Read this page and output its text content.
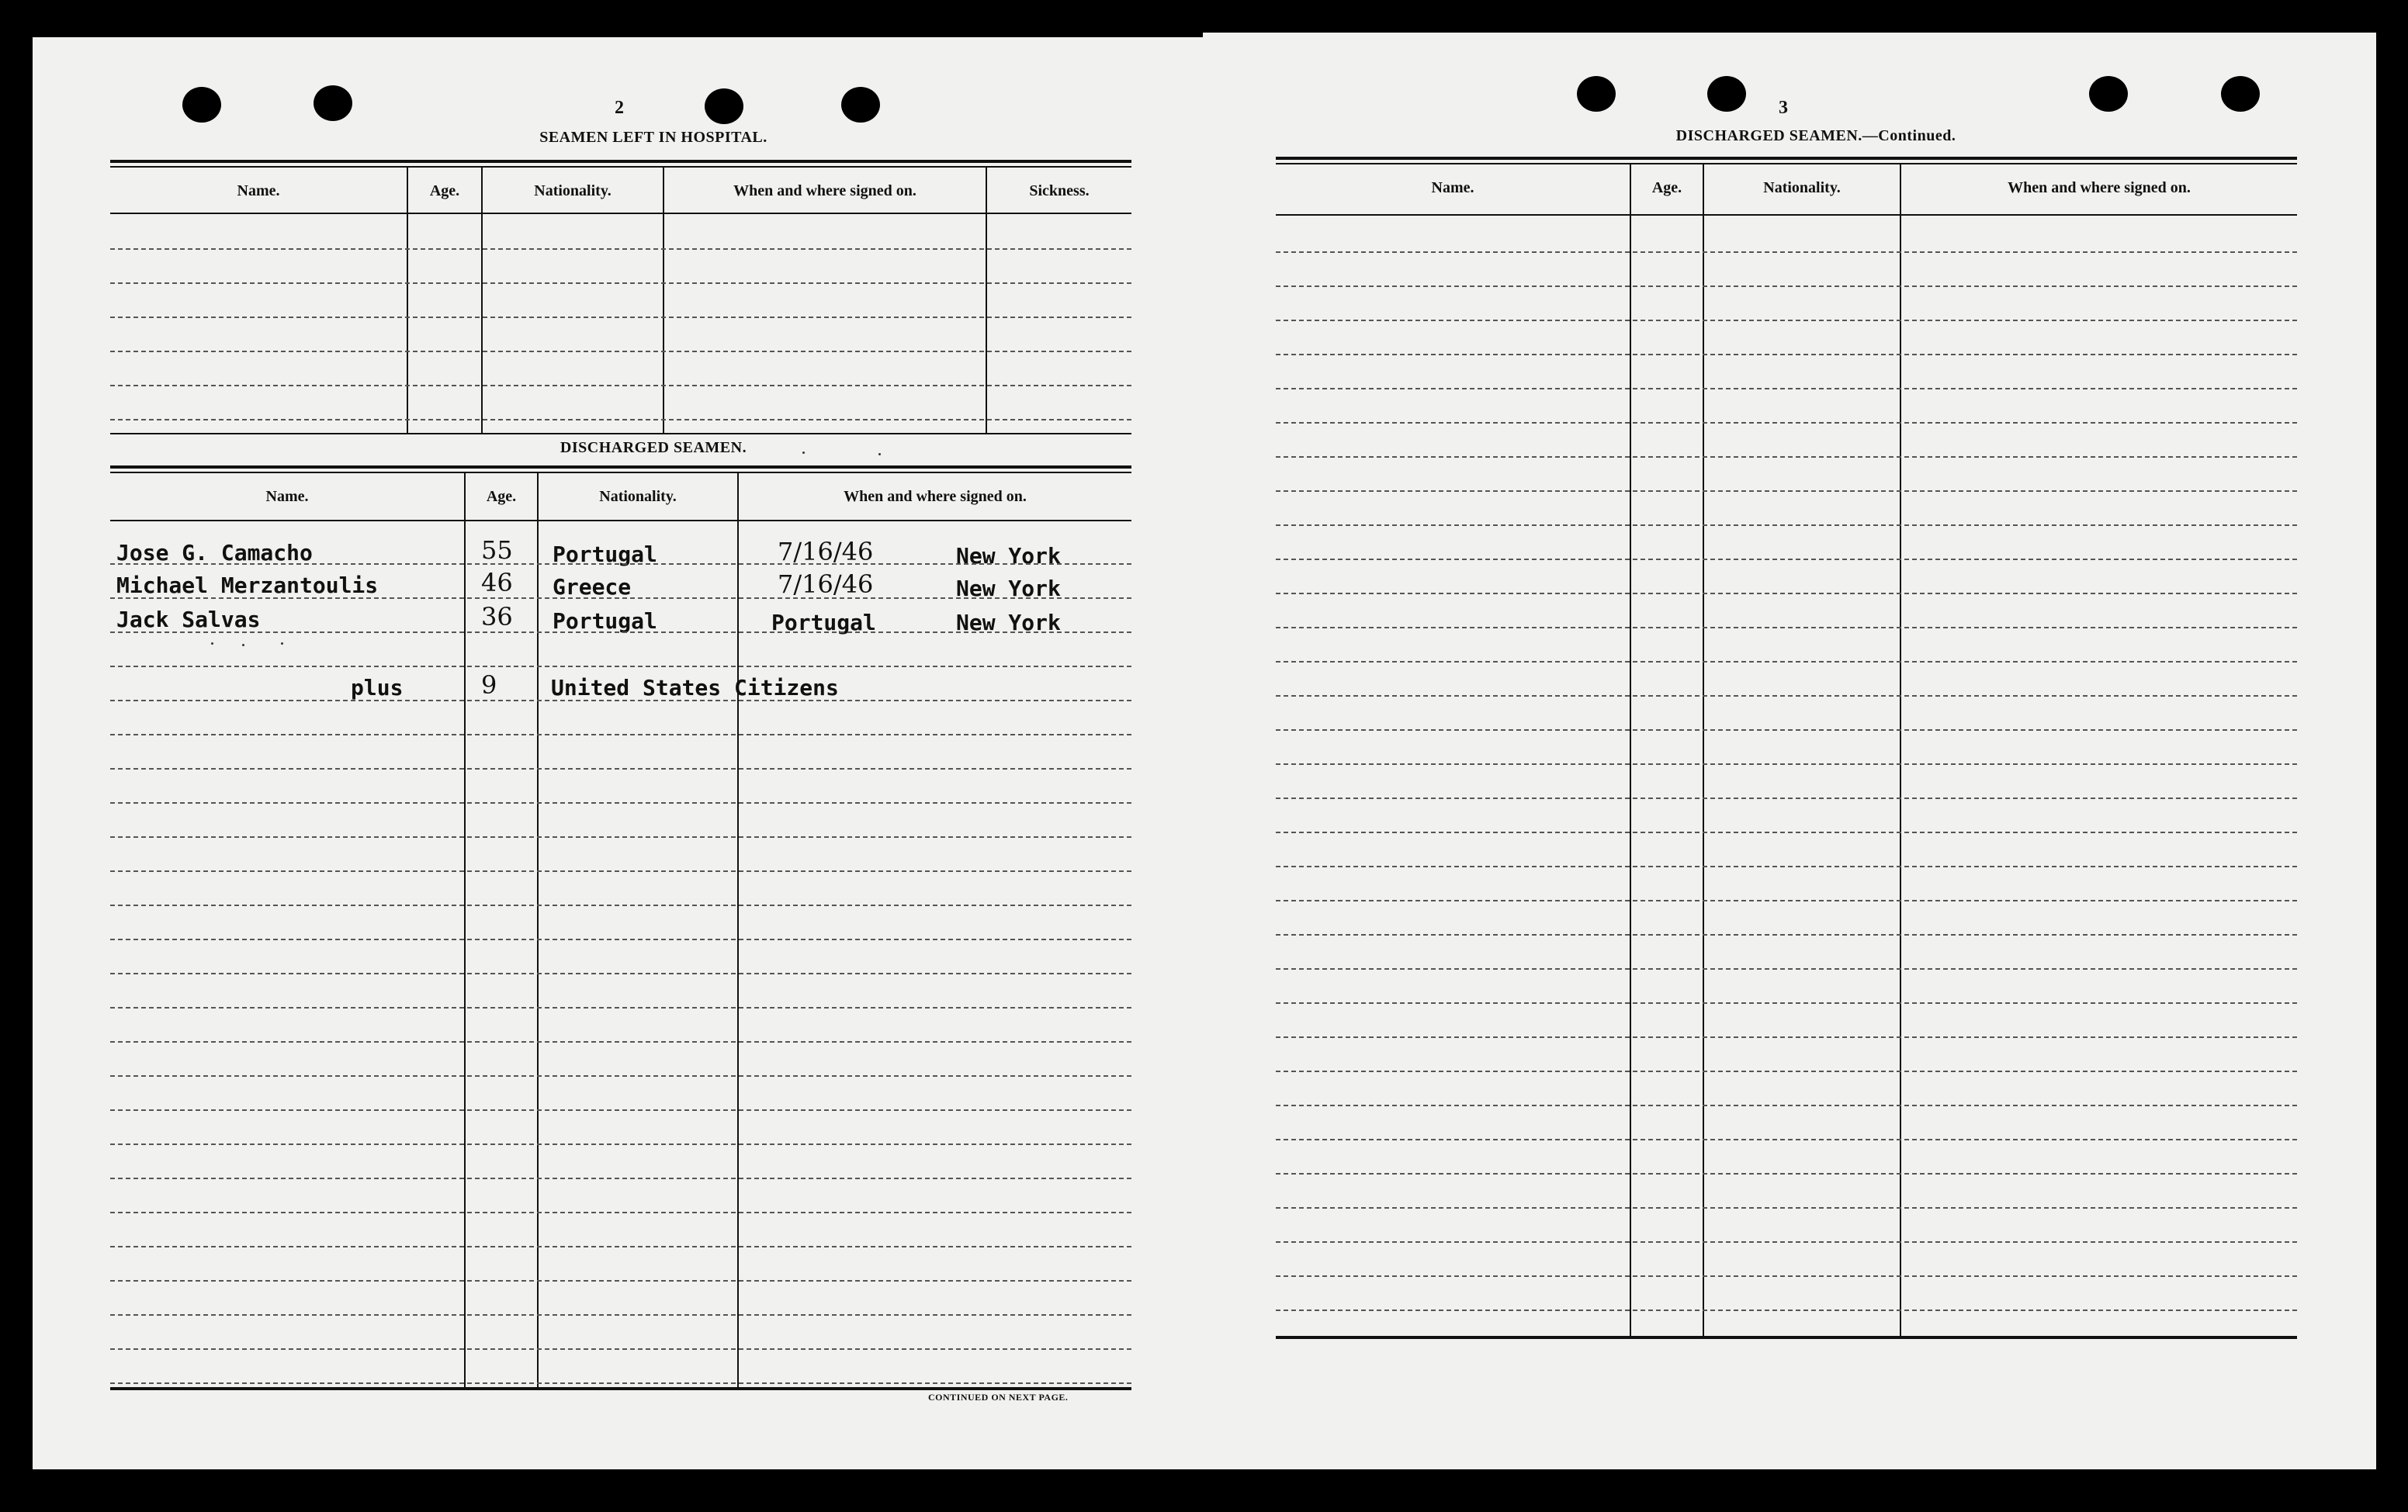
2
SEAMEN LEFT IN HOSPITAL.
Name.	Age.	Nationality.	When and where signed on.	Sickness.
DISCHARGED SEAMEN.
Name.	Age.	Nationality.	When and where signed on.
Jose G. Camacho	55 Portugal	7/16/46	New York
Michael Merzantoulis	46 Greece	7/16/46	New York
Jack Salvas	36 Portugal	Portugal	New York
plus	9 United States Citizens
CONTINUED ON NEXT PAGE.
3
DISCHARGED SEAMEN.—Continued.
Name.	Age.	Nationality.	When and where signed on.
